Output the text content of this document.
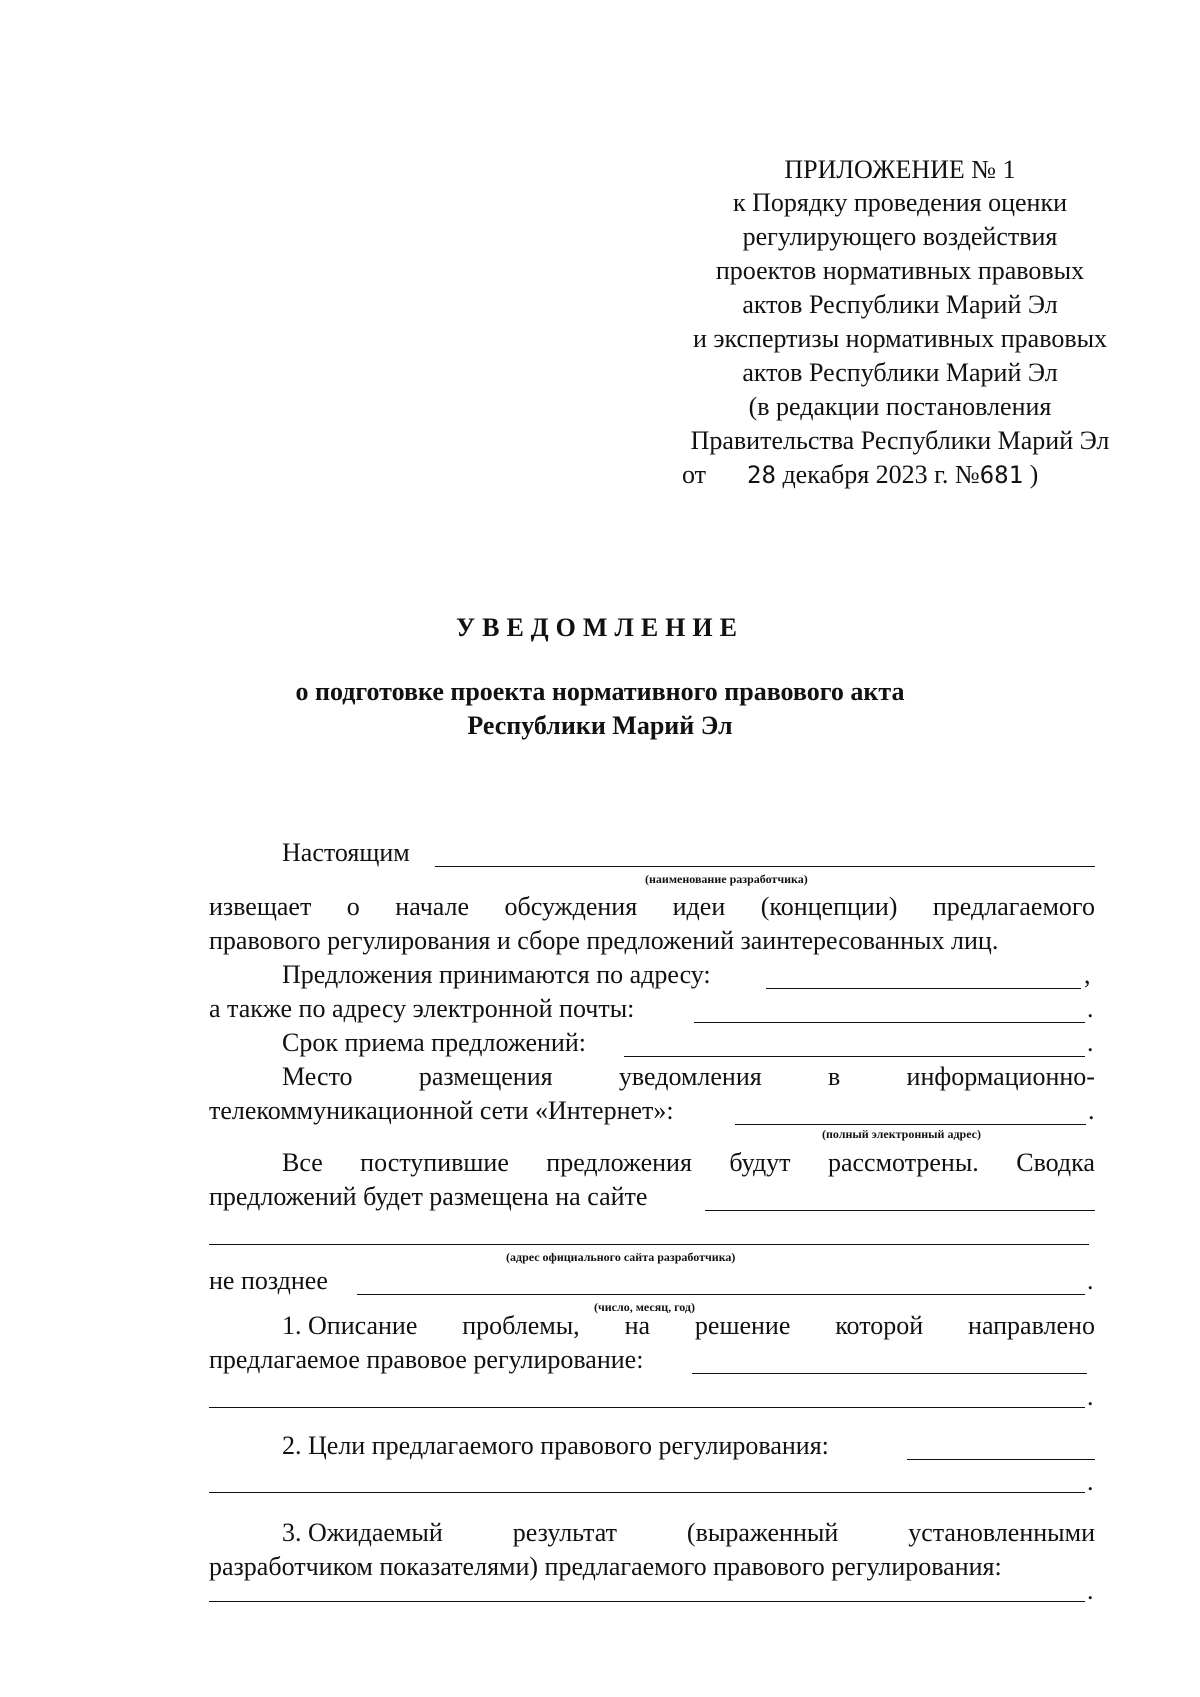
ПРИЛОЖЕНИЕ № 1
к Порядку проведения оценки
регулирующего воздействия
проектов нормативных правовых
актов Республики Марий Эл
и экспертизы нормативных правовых
актов Республики Марий Эл
(в редакции постановления
Правительства Республики Марий Эл
от 28 декабря 2023 г. №681 )
УВЕДОМЛЕНИЕ
о подготовке проекта нормативного правового акта
Республики Марий Эл
Настоящим
(наименование разработчика)
извещает о начале обсуждения идеи (концепции) предлагаемого
правового регулирования и сборе предложений заинтересованных лиц.
Предложения принимаются по адресу:	,
а также по адресу электронной почты:	.
Срок приема предложений:	.
Место	размещения	уведомления	в	информационно-
телекоммуникационной сети «Интернет»:	.
(полный электронный адрес)
Все поступившие предложения будут рассмотрены. Сводка
предложений будет размещена на сайте
(адрес официального сайта разработчика)
не позднее	.
(число, месяц, год)
1. Описание проблемы, на решение которой направлено
предлагаемое правовое регулирование:
.
2. Цели предлагаемого правового регулирования:
.
3. Ожидаемый	результат	(выраженный	установленными
разработчиком показателями) предлагаемого правового регулирования:
.
